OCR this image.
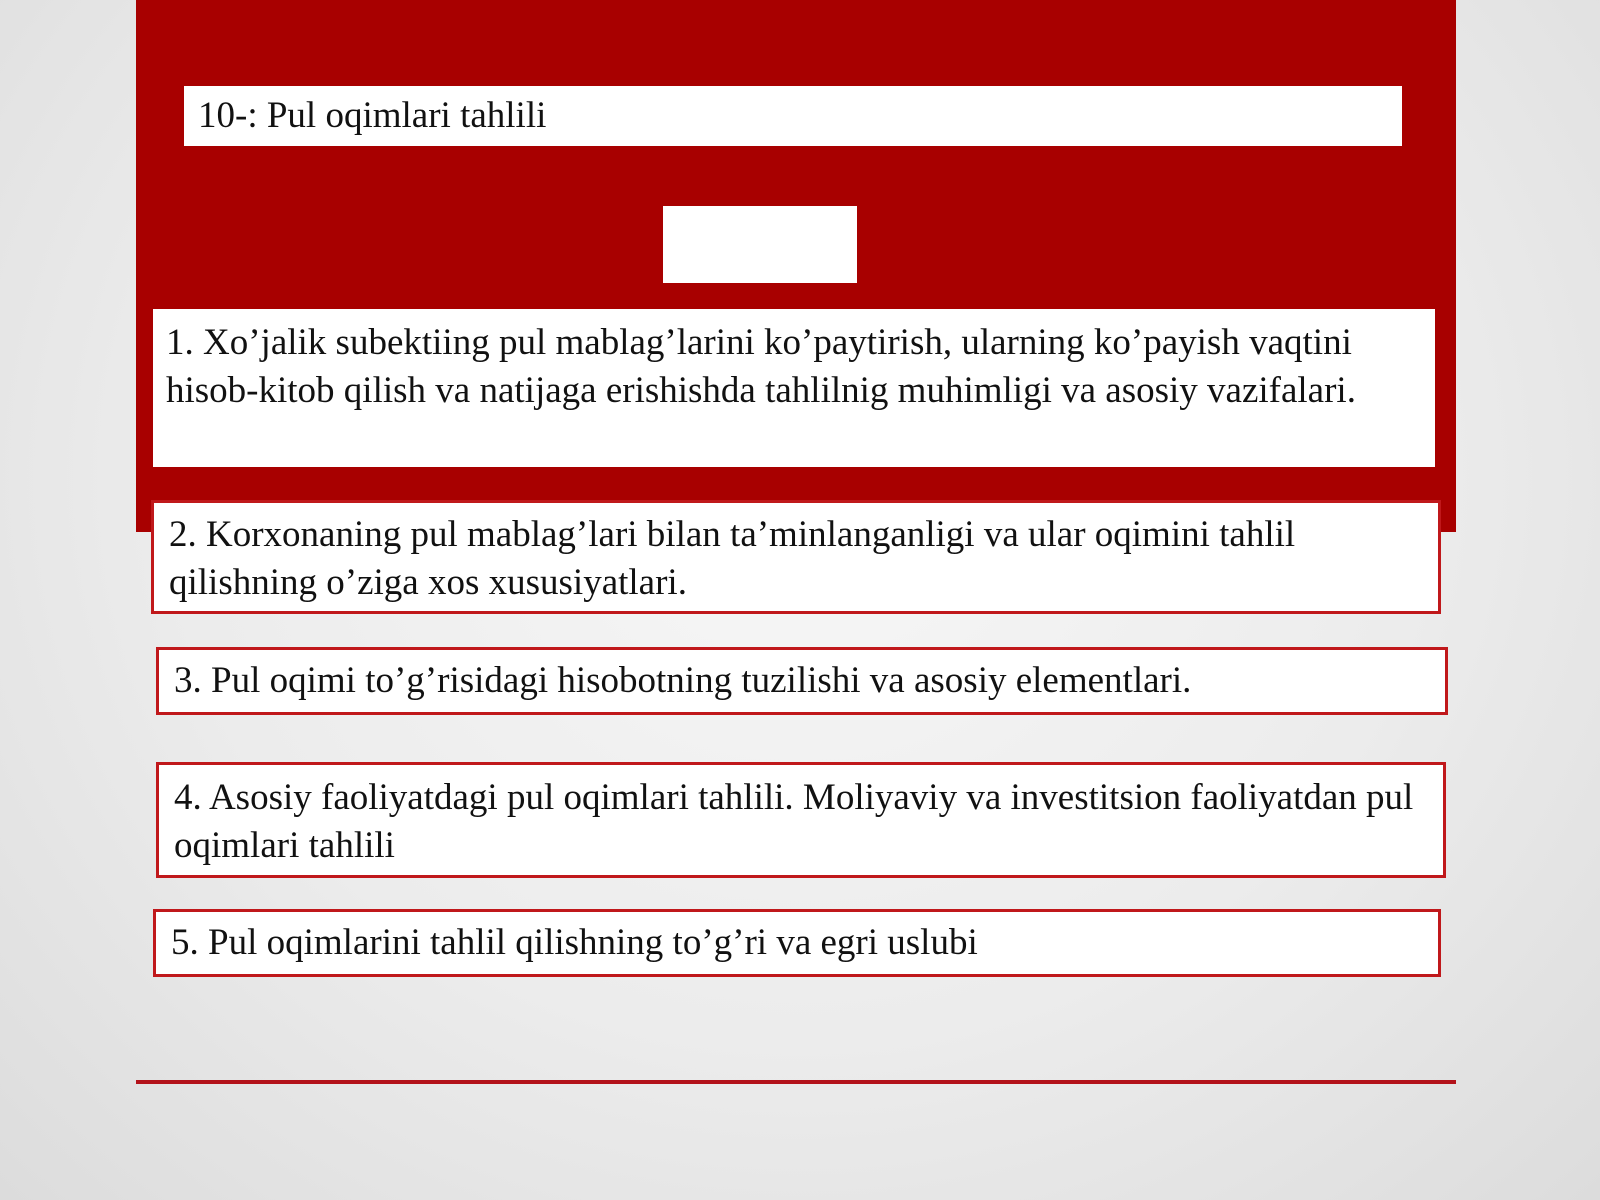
10-: Pul oqimlari tahlili
1. Xo’jalik subektiing pul mablag’larini ko’paytirish, ularning ko’payish vaqtini hisob-kitob qilish va natijaga erishishda tahlilnig muhimligi va asosiy vazifalari.
2. Korxonaning pul mablag’lari bilan ta’minlanganligi va ular oqimini tahlil qilishning o’ziga xos xususiyatlari.
3. Pul oqimi to’g’risidagi hisobotning tuzilishi va asosiy elementlari.
4. Asosiy faoliyatdagi pul oqimlari tahlili. Moliyaviy va investitsion faoliyatdan pul oqimlari tahlili
5. Pul oqimlarini tahlil qilishning to’g’ri va egri uslubi
